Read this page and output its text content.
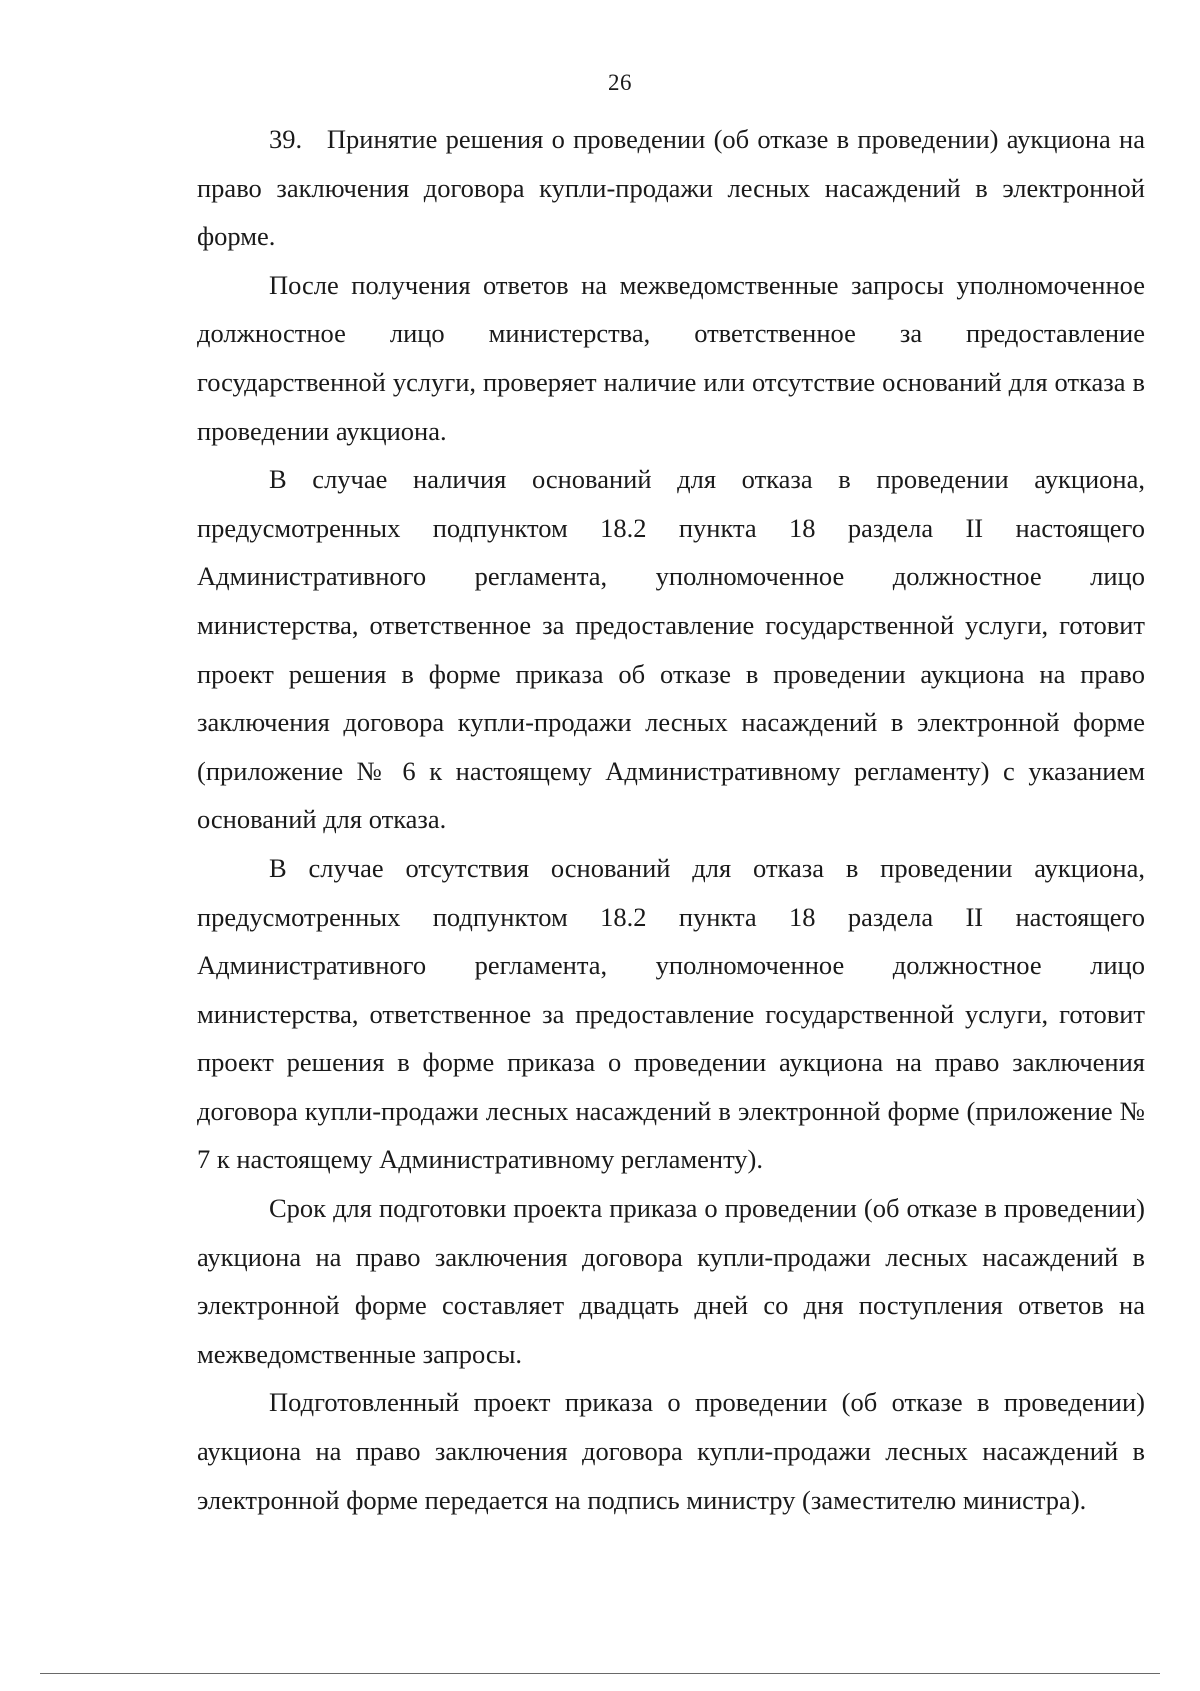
26

39.   Принятие решения о проведении (об отказе в проведении) аукциона на право заключения договора купли-продажи лесных насаждений в электронной форме.

После получения ответов на межведомственные запросы уполномоченное должностное лицо министерства, ответственное за предоставление государственной услуги, проверяет наличие или отсутствие оснований для отказа в проведении аукциона.

В случае наличия оснований для отказа в проведении аукциона, предусмотренных подпунктом 18.2 пункта 18 раздела II настоящего Административного регламента, уполномоченное должностное лицо министерства, ответственное за предоставление государственной услуги, готовит проект решения в форме приказа об отказе в проведении аукциона на право заключения договора купли-продажи лесных насаждений в электронной форме (приложение № 6 к настоящему Административному регламенту) с указанием оснований для отказа.

В случае отсутствия оснований для отказа в проведении аукциона, предусмотренных подпунктом 18.2 пункта 18 раздела II настоящего Административного регламента, уполномоченное должностное лицо министерства, ответственное за предоставление государственной услуги, готовит проект решения в форме приказа о проведении аукциона на право заключения договора купли-продажи лесных насаждений в электронной форме (приложение № 7 к настоящему Административному регламенту).

Срок для подготовки проекта приказа о проведении (об отказе в проведении) аукциона на право заключения договора купли-продажи лесных насаждений в электронной форме составляет двадцать дней со дня поступления ответов на межведомственные запросы.

Подготовленный проект приказа о проведении (об отказе в проведении) аукциона на право заключения договора купли-продажи лесных насаждений в электронной форме передается на подпись министру (заместителю министра).
